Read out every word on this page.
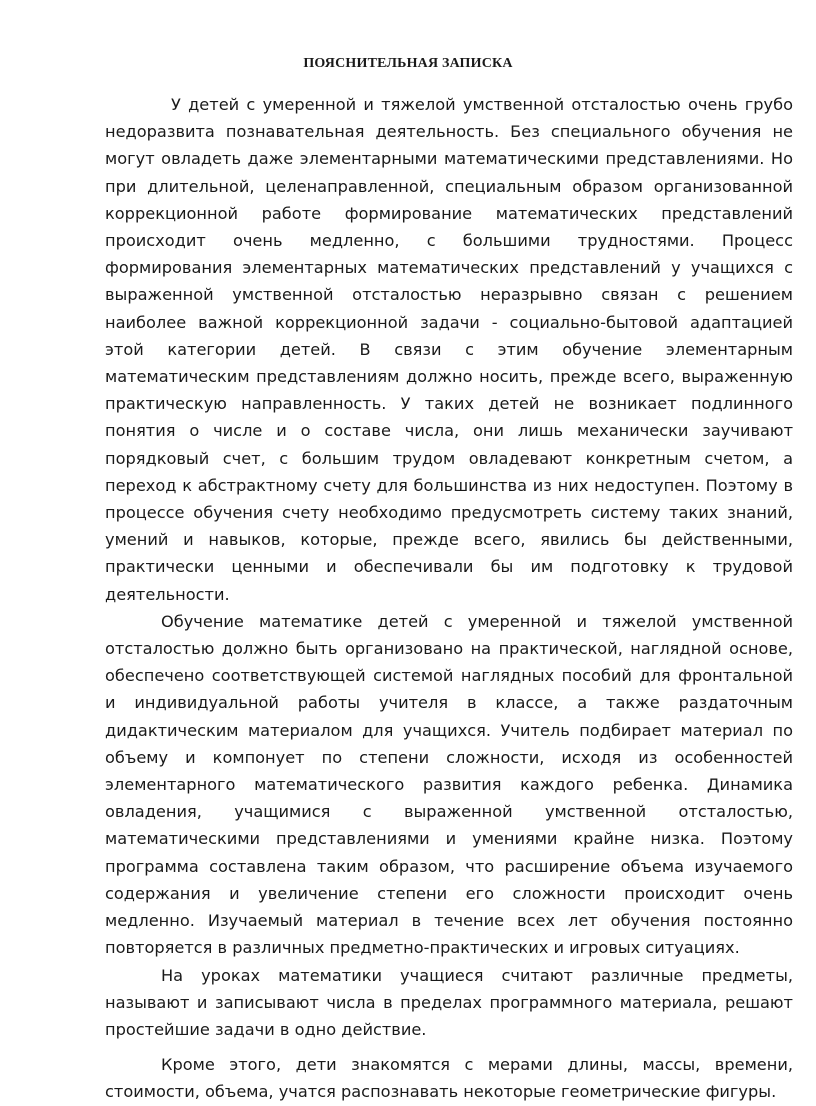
ПОЯСНИТЕЛЬНАЯ ЗАПИСКА

У детей с умеренной и тяжелой умственной отсталостью очень грубо недоразвита познавательная деятельность. Без специального обучения не могут овладеть даже элементарными математическими представлениями. Но при длительной, целенаправленной, специальным образом организованной коррекционной работе формирование математических представлений происходит очень медленно, с большими трудностями. Процесс формирования элементарных математических представлений у учащихся с выраженной умственной отсталостью неразрывно связан с решением наиболее важной коррекционной задачи - социально-бытовой адаптацией этой категории детей. В связи с этим обучение элементарным математическим представлениям должно носить, прежде всего, выраженную практическую направленность. У таких детей не возникает подлинного понятия о числе и о составе числа, они лишь механически заучивают порядковый счет, с большим трудом овладевают конкретным счетом, а переход к абстрактному счету для большинства из них недоступен. Поэтому в процессе обучения счету необходимо предусмотреть систему таких знаний, умений и навыков, которые, прежде всего, явились бы действенными, практически ценными и обеспечивали бы им подготовку к трудовой деятельности.

Обучение математике детей с умеренной и тяжелой умственной отсталостью должно быть организовано на практической, наглядной основе, обеспечено соответствующей системой наглядных пособий для фронтальной и индивидуальной работы учителя в классе, а также раздаточным дидактическим материалом для учащихся. Учитель подбирает материал по объему и компонует по степени сложности, исходя из особенностей элементарного математического развития каждого ребенка. Динамика овладения, учащимися с выраженной умственной отсталостью, математическими представлениями и умениями крайне низка. Поэтому программа составлена таким образом, что расширение объема изучаемого содержания и увеличение степени его сложности происходит очень медленно. Изучаемый материал в течение всех лет обучения постоянно повторяется в различных предметно-практических и игровых ситуациях.

На уроках математики учащиеся считают различные предметы, называют и записывают числа в пределах программного материала, решают простейшие задачи в одно действие.

Кроме этого, дети знакомятся с мерами длины, массы, времени, стоимости, объема, учатся распознавать некоторые геометрические фигуры.
